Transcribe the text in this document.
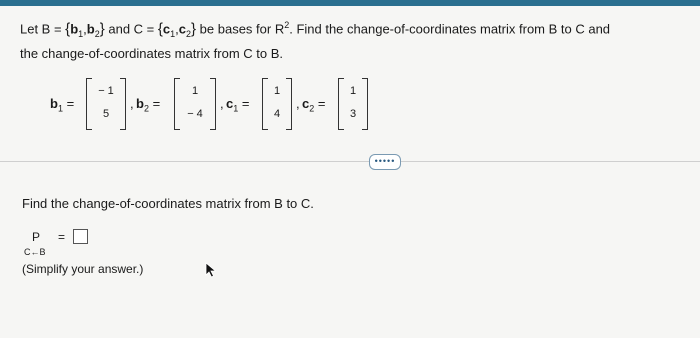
Let $B = \{b_1,b_2\}$ and $C = \{c_1,c_2\}$ be bases for $R^2$. Find the change-of-coordinates matrix from B to C and
the change-of-coordinates matrix from C to B.
$b_1$ =
− 1
5
, $b_2$ =
1
− 4
, $c_1$ =
1
4
, $c_2$ =
1
3
•••••
Find the change-of-coordinates matrix from B to C.
P =
C←B
(Simplify your answer.)
